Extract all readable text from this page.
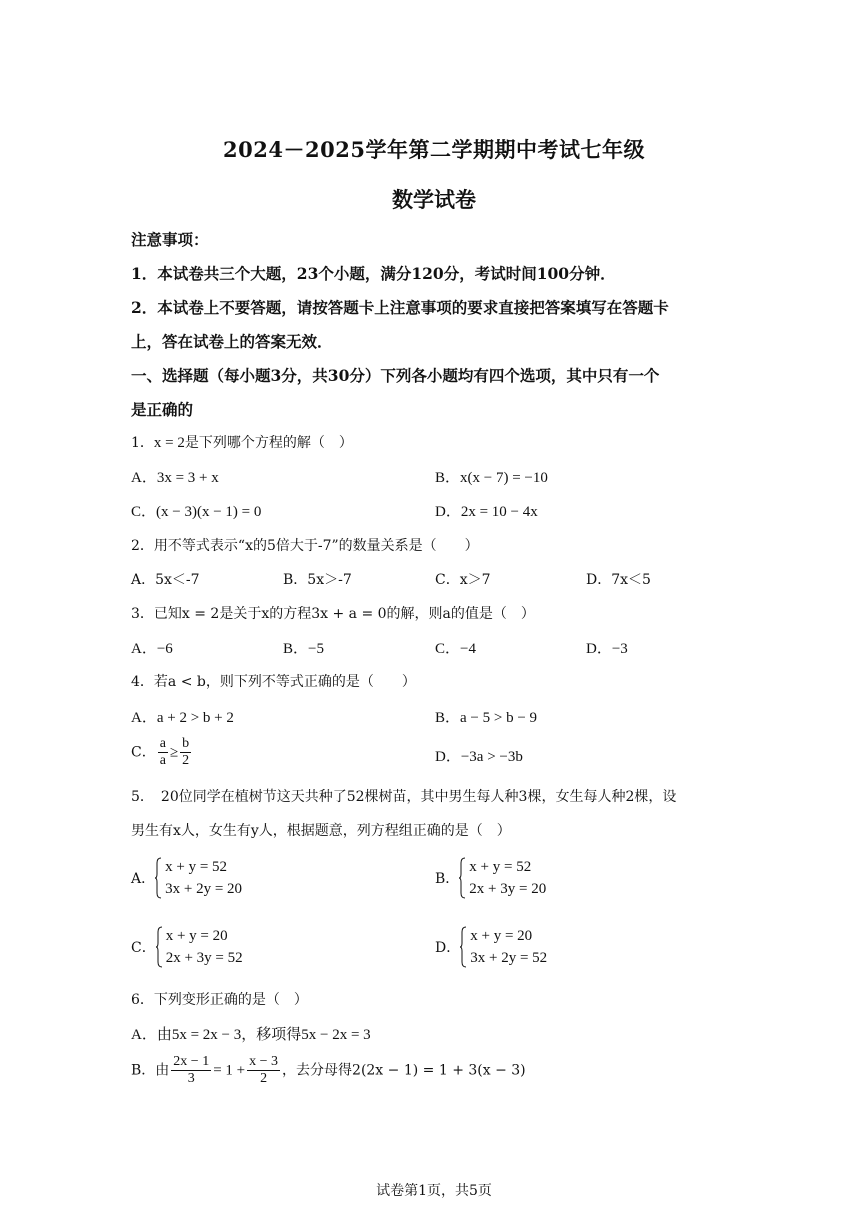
2024－2025学年第二学期期中考试七年级
数学试卷
注意事项：
1．本试卷共三个大题，23个小题，满分120分，考试时间100分钟．
2．本试卷上不要答题，请按答题卡上注意事项的要求直接把答案填写在答题卡
上，答在试卷上的答案无效．
一、选择题（每小题3分，共30分）下列各小题均有四个选项，其中只有一个
是正确的
1．x = 2是下列哪个方程的解（　）
A．3x = 3 + x	B．x(x − 7) = −10
C．(x − 3)(x − 1) = 0	D．2x = 10 − 4x
2．用不等式表示“x的5倍大于-7”的数量关系是（　　）
A．5x＜-7	B．5x＞-7	C．x＞7	D．7x＜5
3．已知x = 2是关于x的方程3x + a = 0的解，则a的值是（　）
A．−6	B．−5	C．−4	D．−3
4．若a < b，则下列不等式正确的是（　　）
A．a + 2 > b + 2	B．a − 5 > b − 9
C． $\frac{a}{a} \ge \frac{b}{2}$	D．−3a > −3b
5．　20位同学在植树节这天共种了52棵树苗，其中男生每人种3棵，女生每人种2棵，设
男生有x人，女生有y人，根据题意，列方程组正确的是（　）
A．
x + y = 52
3x + 2y = 20
B．
x + y = 52
2x + 3y = 20
C．
x + y = 20
2x + 3y = 52
D．
x + y = 20
3x + 2y = 52
6．下列变形正确的是（　）
A．由5x = 2x − 3，移项得5x − 2x = 3
B．由 $\frac{2x - 1}{3} = 1 + \frac{x - 3}{2}$ ，去分母得2(2x − 1) = 1 + 3(x − 3)
试卷第1页，共5页
